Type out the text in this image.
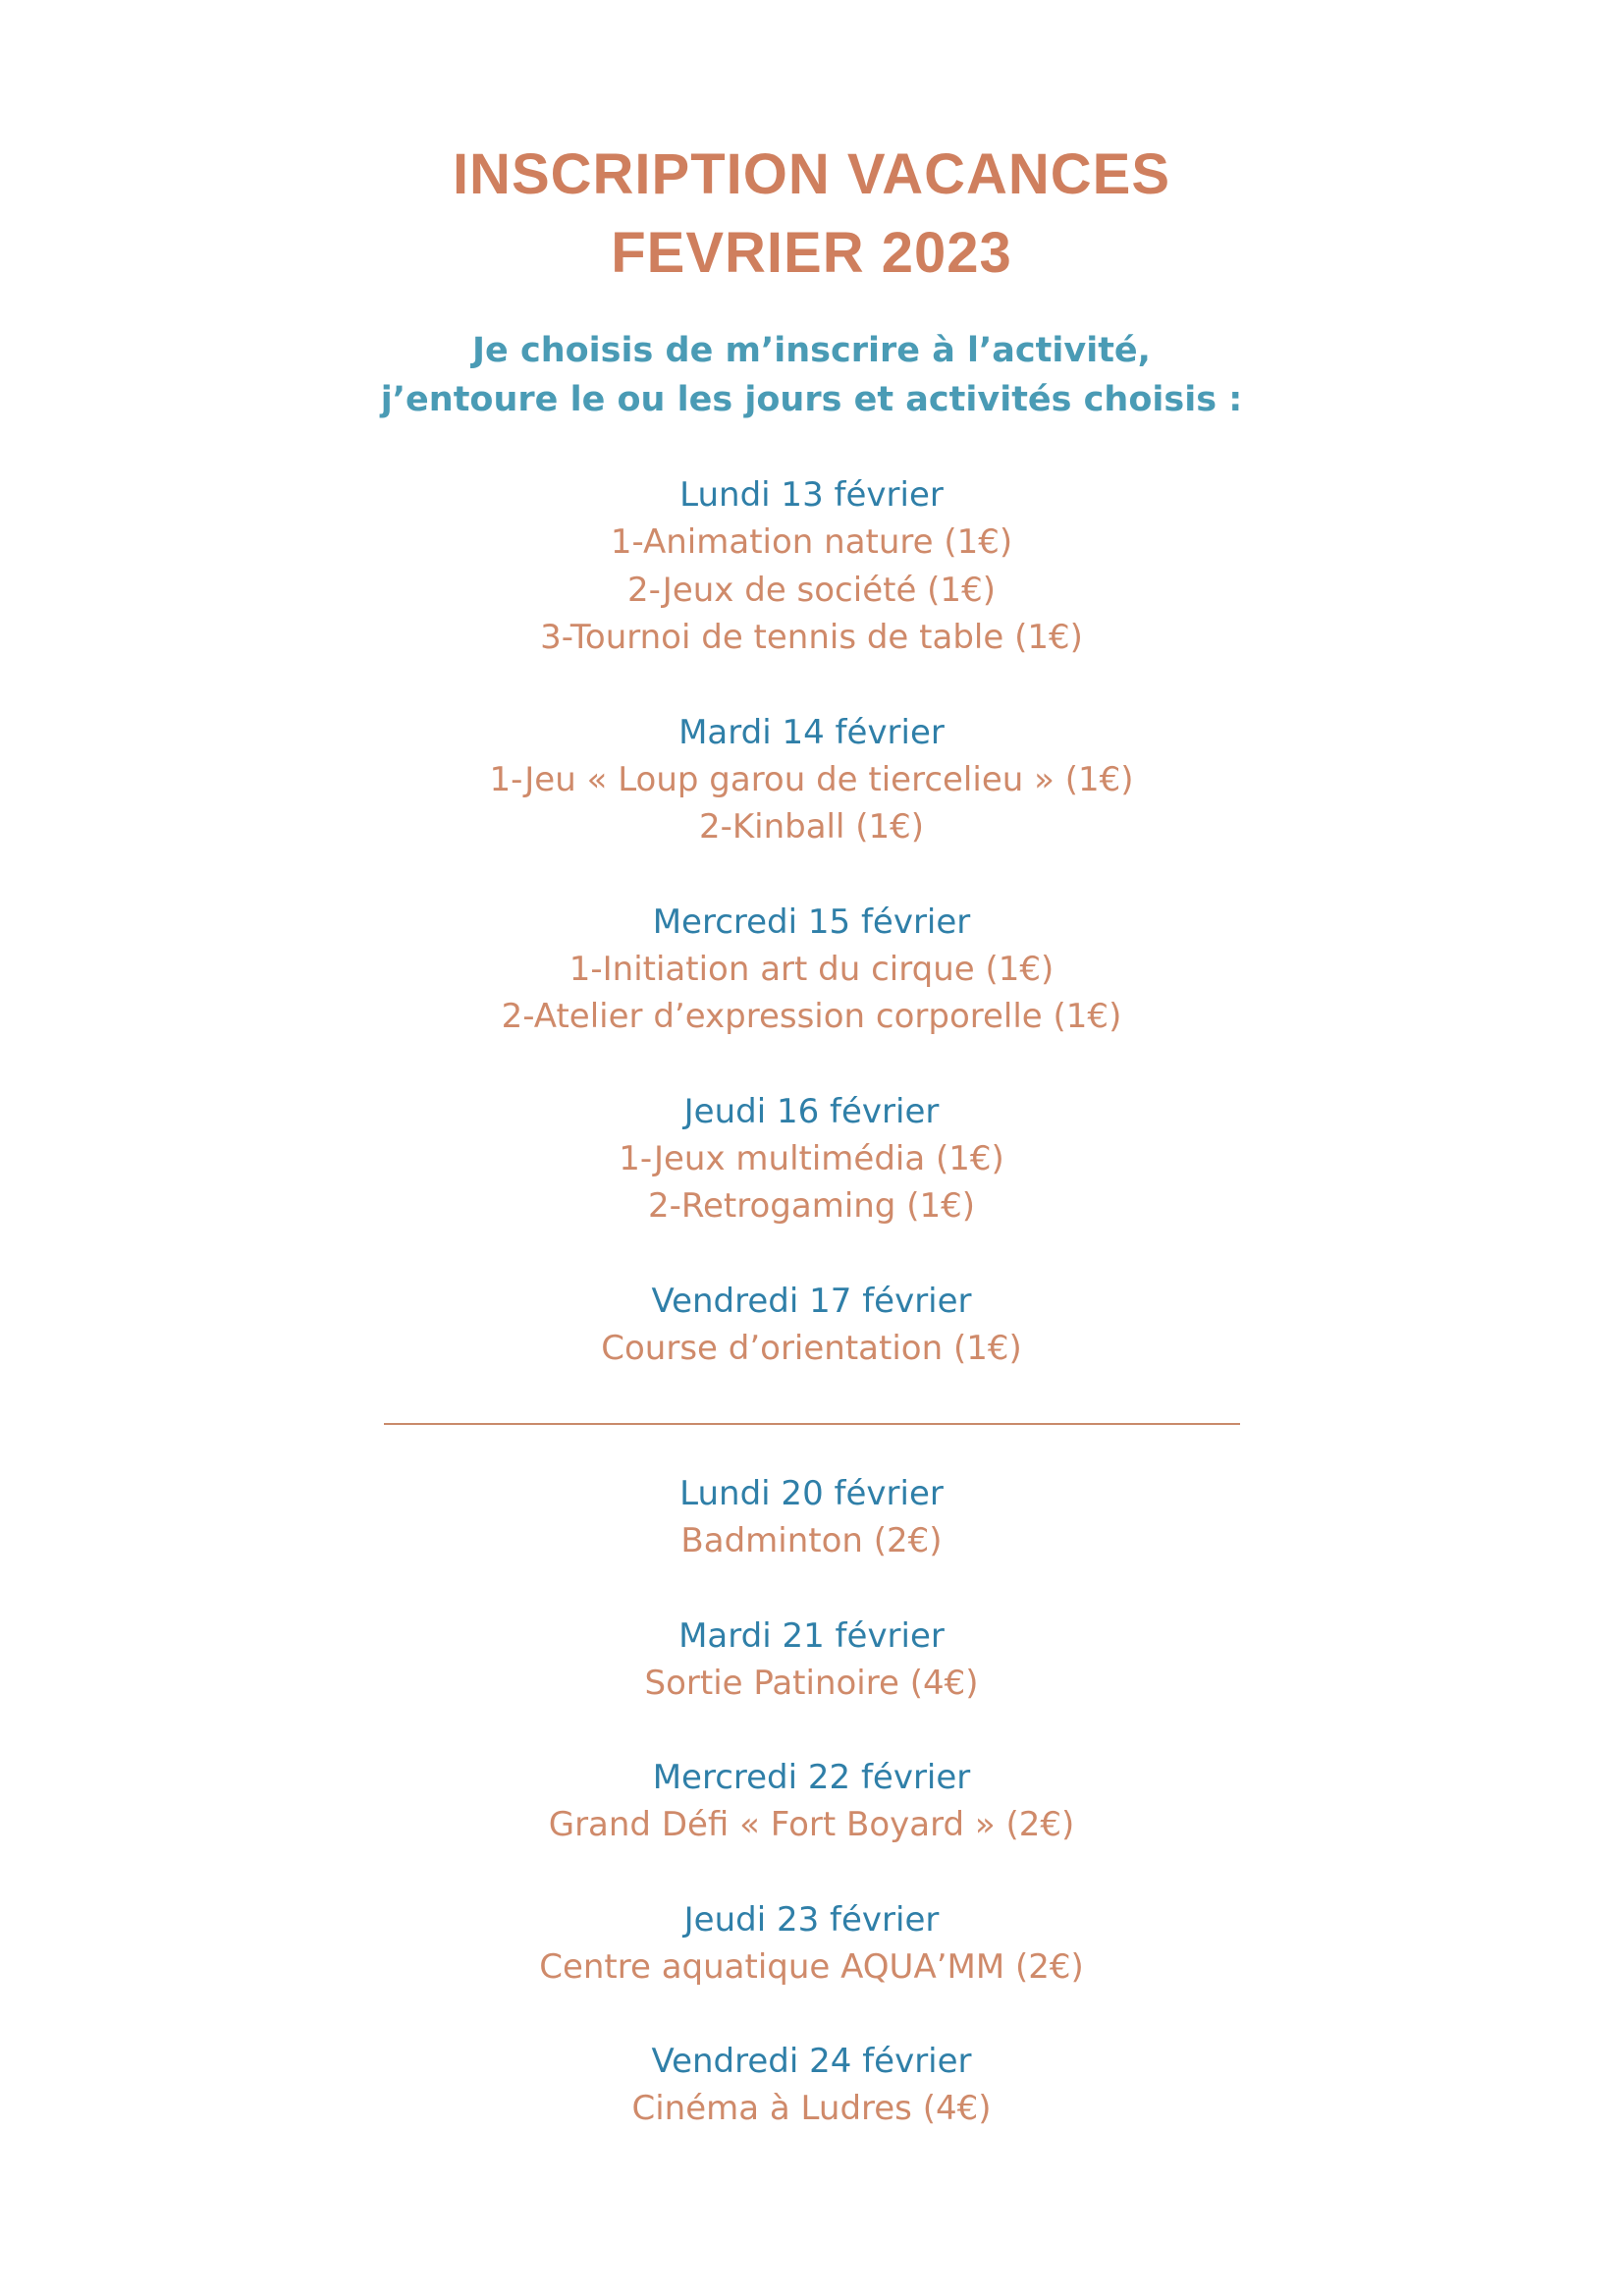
INSCRIPTION VACANCES
FEVRIER 2023

Je choisis de m’inscrire à l’activité,
j’entoure le ou les jours et activités choisis :

Lundi 13 février

1-Animation nature (1€)

2-Jeux de société (1€)

3-Tournoi de tennis de table (1€)

Mardi 14 février

1-Jeu « Loup garou de tiercelieu » (1€)

2-Kinball (1€)

Mercredi 15 février

1-Initiation art du cirque (1€)

2-Atelier d’expression corporelle (1€)

Jeudi 16 février

1-Jeux multimédia (1€)

2-Retrogaming (1€)

Vendredi 17 février

Course d’orientation (1€)

Lundi 20 février

Badminton (2€)

Mardi 21 février

Sortie Patinoire (4€)

Mercredi 22 février

Grand Défi « Fort Boyard » (2€)

Jeudi 23 février

Centre aquatique AQUA’MM (2€)

Vendredi 24 février

Cinéma à Ludres (4€)
